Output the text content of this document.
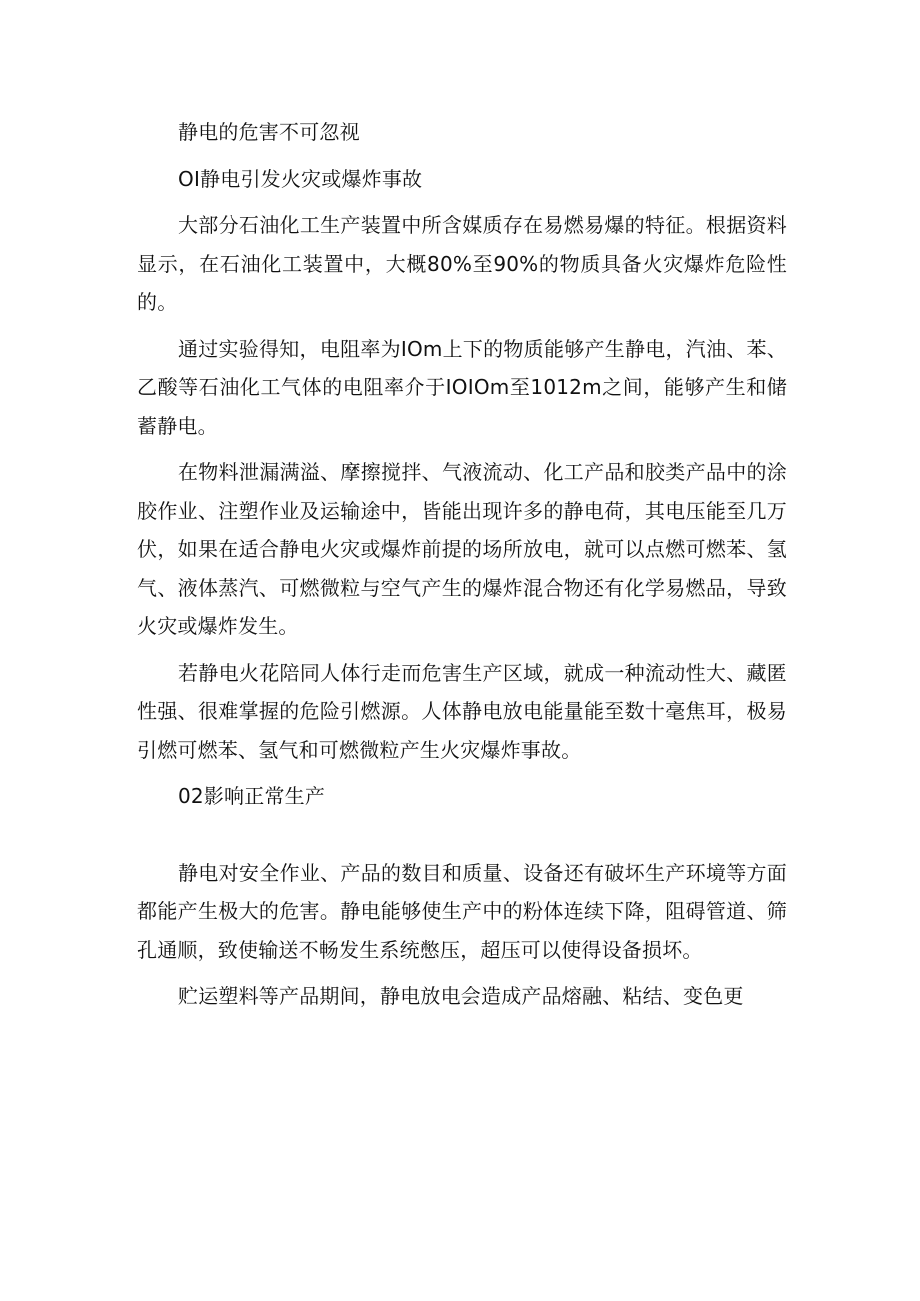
静电的危害不可忽视

OI静电引发火灾或爆炸事故

大部分石油化工生产装置中所含媒质存在易燃易爆的特征。根据资料显示，在石油化工装置中，大概80%至90%的物质具备火灾爆炸危险性的。

通过实验得知，电阻率为IOm上下的物质能够产生静电，汽油、苯、乙酸等石油化工气体的电阻率介于IOIOm至1012m之间，能够产生和储蓄静电。

在物料泄漏满溢、摩擦搅拌、气液流动、化工产品和胶类产品中的涂胶作业、注塑作业及运输途中，皆能出现许多的静电荷，其电压能至几万伏，如果在适合静电火灾或爆炸前提的场所放电，就可以点燃可燃苯、氢气、液体蒸汽、可燃微粒与空气产生的爆炸混合物还有化学易燃品，导致火灾或爆炸发生。

若静电火花陪同人体行走而危害生产区域，就成一种流动性大、藏匿性强、很难掌握的危险引燃源。人体静电放电能量能至数十毫焦耳，极易引燃可燃苯、氢气和可燃微粒产生火灾爆炸事故。

02影响正常生产

静电对安全作业、产品的数目和质量、设备还有破坏生产环境等方面都能产生极大的危害。静电能够使生产中的粉体连续下降，阻碍管道、筛孔通顺，致使输送不畅发生系统憋压，超压可以使得设备损坏。

贮运塑料等产品期间，静电放电会造成产品熔融、粘结、变色更
